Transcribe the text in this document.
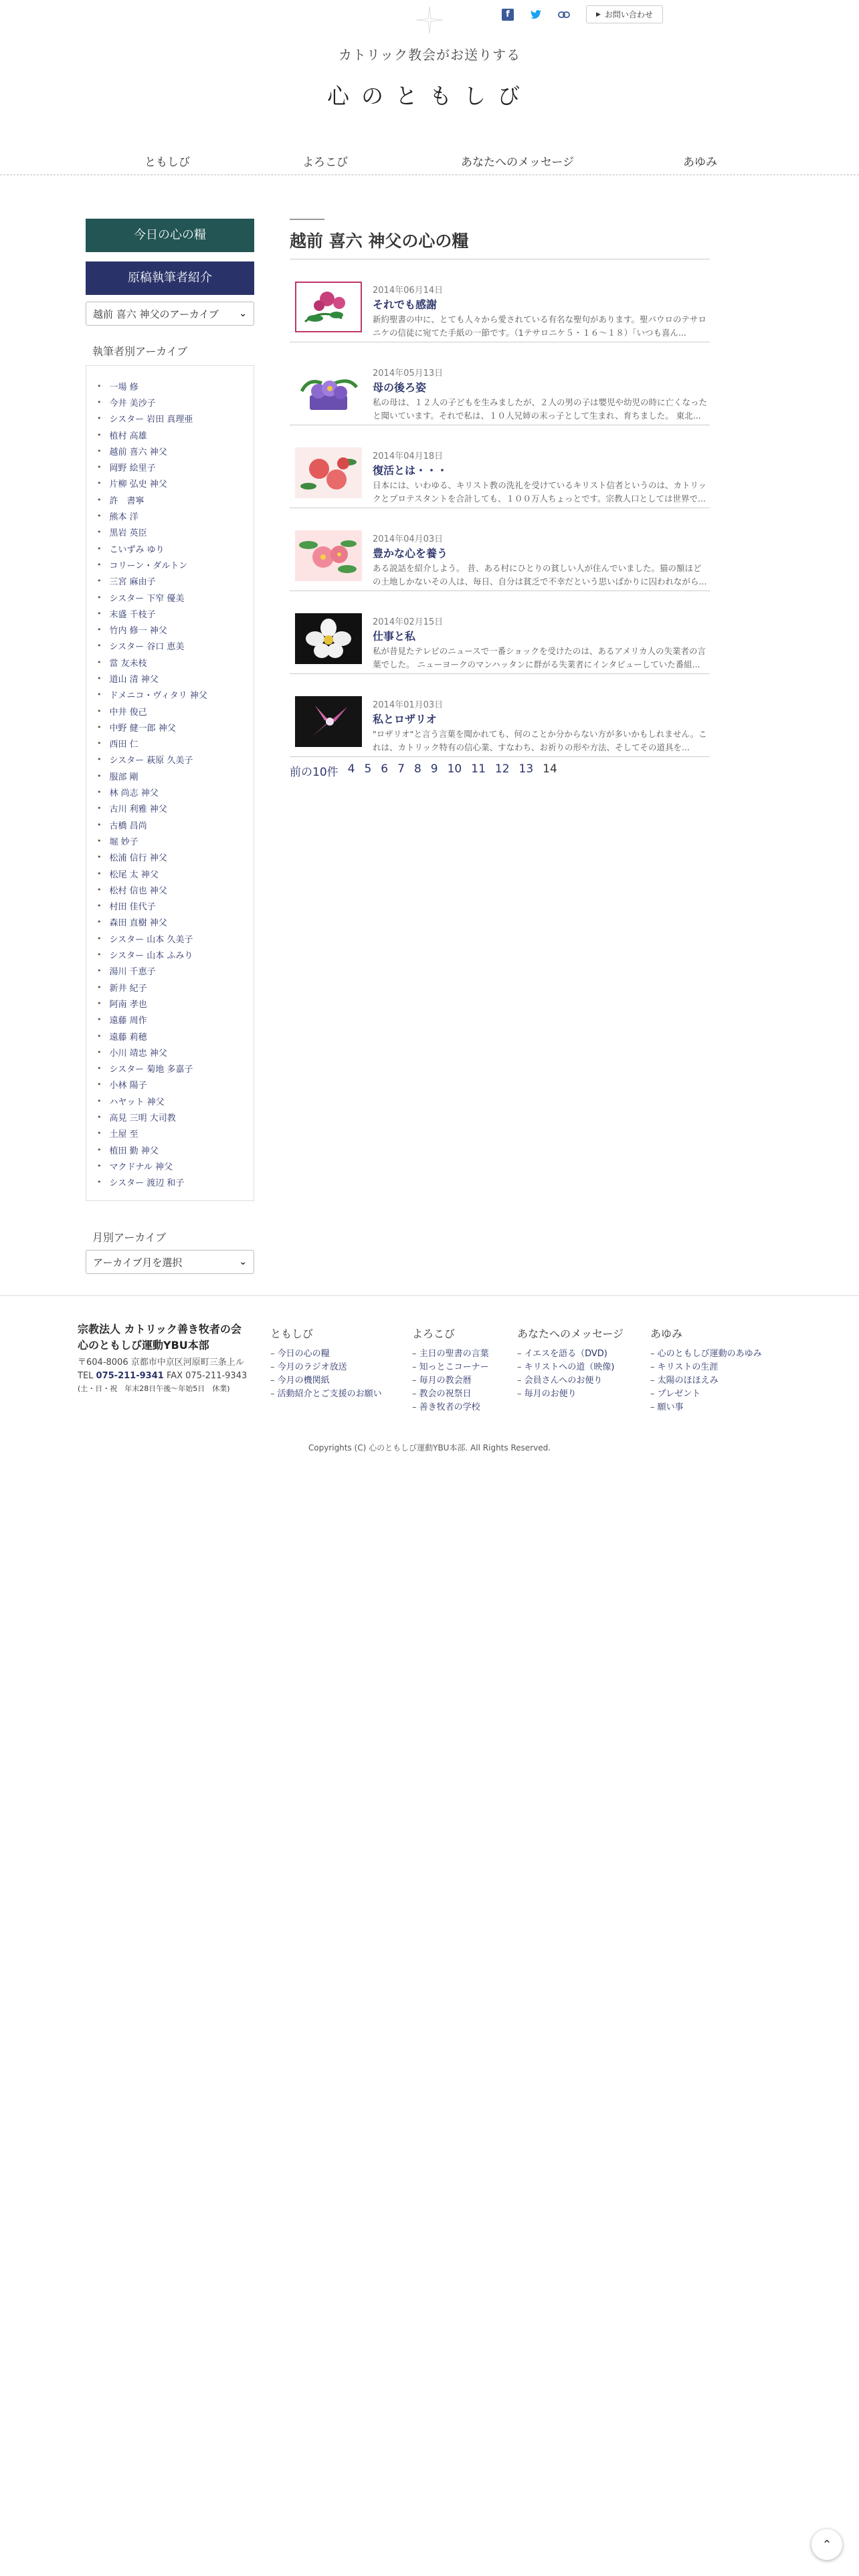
f	▶ お問い合わせ
カトリック教会がお送りする
心のともしび
ともしび	よろこび	あなたへのメッセージ	あゆみ
今日の心の糧
原稿執筆者紹介
越前 喜六 神父のアーカイブ ⌄
執筆者別アーカイブ
• 一場 修
• 今井 美沙子
• シスター 岩田 真理亜
• 植村 高雄
• 越前 喜六 神父
• 岡野 絵里子
• 片柳 弘史 神父
• 許　書寧
• 熊本 洋
• 黒岩 英臣
• こいずみ ゆり
• コリーン・ダルトン
• 三宮 麻由子
• シスター 下窄 優美
• 末盛 千枝子
• 竹内 修一 神父
• シスター 谷口 恵美
• 當 友未枝
• 道山 清 神父
• ドメニコ・ヴィタリ 神父
• 中井 俊己
• 中野 健一郎 神父
• 西田 仁
• シスター 萩原 久美子
• 服部 剛
• 林 尚志 神父
• 古川 利雅 神父
• 古橋 昌尚
• 堀 妙子
• 松浦 信行 神父
• 松尾 太 神父
• 松村 信也 神父
• 村田 佳代子
• 森田 直樹 神父
• シスター 山本 久美子
• シスター 山本 ふみり
• 湯川 千恵子
• 新井 紀子
• 阿南 孝也
• 遠藤 周作
• 遠藤 莉穂
• 小川 靖忠 神父
• シスター 菊地 多嘉子
• 小林 陽子
• ハヤット 神父
• 高見 三明 大司教
• 土屋 至
• 植田 勤 神父
• マクドナル 神父
• シスター 渡辺 和子
月別アーカイブ
アーカイブ月を選択	⌄
越前 喜六 神父の心の糧
2014年06月14日
それでも感謝
新約聖書の中に、とても人々から愛されている有名な聖句があります。聖パウロのテサロニケの信徒に宛てた手紙の一節です。（1テサロニケ５・１６～１８）「いつも喜ん...
2014年05月13日
母の後ろ姿
私の母は、１２人の子どもを生みましたが、２人の男の子は嬰児や幼児の時に亡くなったと聞いています。それで私は、１０人兄姉の末っ子として生まれ、育ちました。 東北...
2014年04月18日
復活とは・・・
日本には、いわゆる、キリスト教の洗礼を受けているキリスト信者というのは、カトリックとプロテスタントを合計しても、１００万人ちょっとです。宗教人口としては世界で...
2014年04月03日
豊かな心を養う
ある説話を紹介しよう。 昔、ある村にひとりの貧しい人が住んでいました。猫の額ほどの土地しかないその人は、毎日、自分は貧乏で不幸だという思いばかりに囚われながら...
2014年02月15日
仕事と私
私が昔見たテレビのニュースで一番ショックを受けたのは、あるアメリカ人の失業者の言葉でした。 ニューヨークのマンハッタンに群がる失業者にインタビューしていた番組...
2014年01月03日
私とロザリオ
"ロザリオ"と言う言葉を聞かれても、何のことか分からない方が多いかもしれません。これは、カトリック特有の信心業、すなわち、お祈りの形や方法、そしてその道具を...
前の10件 4 5 6 7 8 9 10 11 12 13 14
宗教法人 カトリック善き牧者の会
心のともしび運動YBU本部
〒604-8006 京都市中京区河原町三条上ル
TEL 075-211-9341 FAX 075-211-9343
(土・日・祝　年末28日午後〜年始5日　休業)
ともしび
– 今日の心の糧
– 今月のラジオ放送
– 今月の機関紙
– 活動紹介とご支援のお願い
よろこび
– 主日の聖書の言葉
– 知っとこコーナー
– 毎月の教会暦
– 教会の祝祭日
– 善き牧者の学校
あなたへのメッセージ
– イエスを語る（DVD)
– キリストへの道（映像)
– 会員さんへのお便り
– 毎月のお便り
あゆみ
– 心のともしび運動のあゆみ
– キリストの生涯
– 太陽のほほえみ
– プレゼント
– 願い事
Copyrights (C) 心のともしび運動YBU本部. All Rights Reserved.
⌃
